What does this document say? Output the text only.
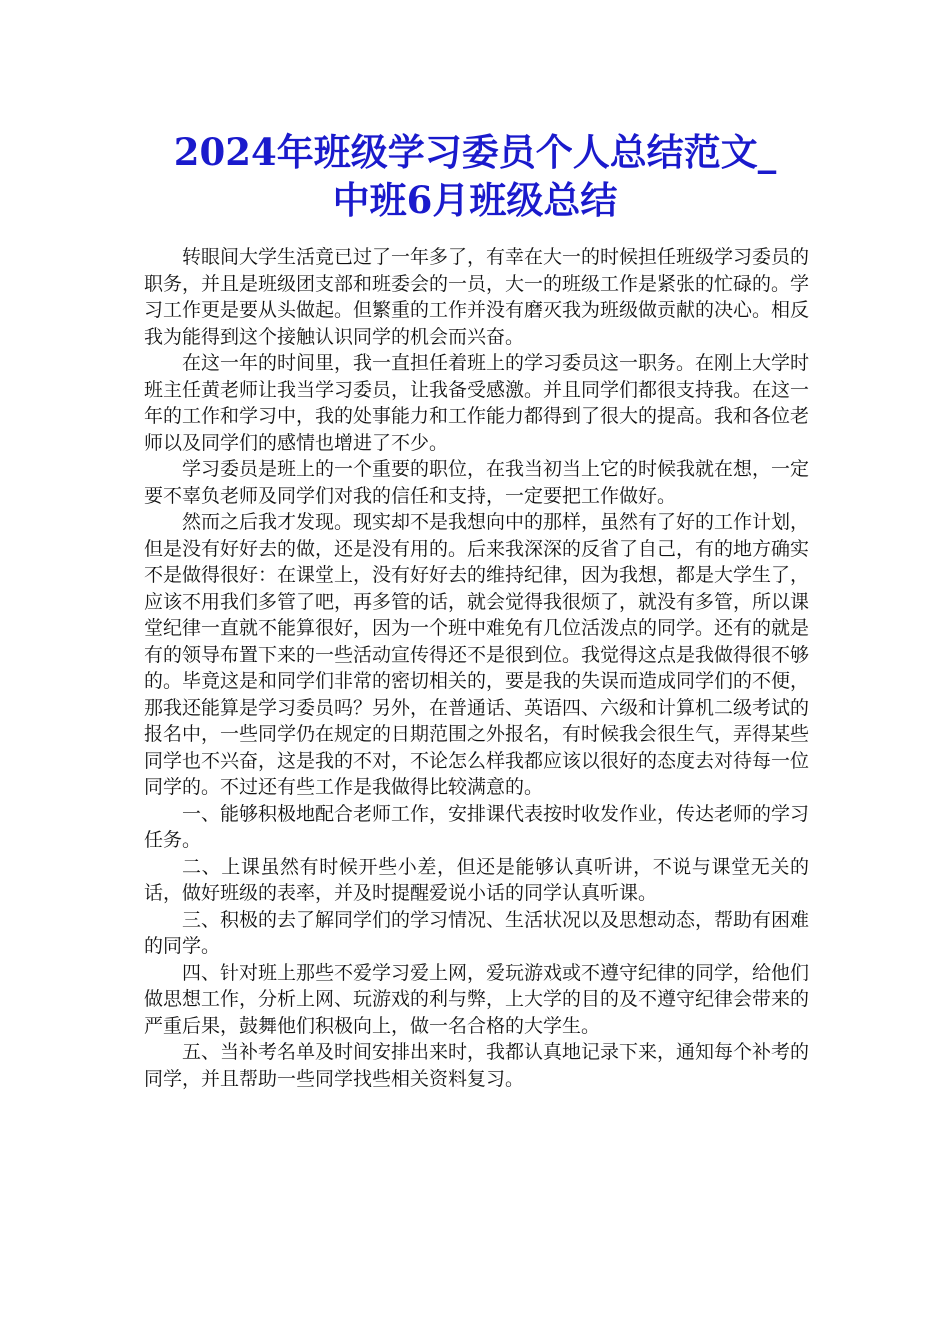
2024年班级学习委员个人总结范文_
中班6月班级总结

转眼间大学生活竟已过了一年多了，有幸在大一的时候担任班级学习委员的职务，并且是班级团支部和班委会的一员，大一的班级工作是紧张的忙碌的。学习工作更是要从头做起。但繁重的工作并没有磨灭我为班级做贡献的决心。相反我为能得到这个接触认识同学的机会而兴奋。

在这一年的时间里，我一直担任着班上的学习委员这一职务。在刚上大学时班主任黄老师让我当学习委员，让我备受感激。并且同学们都很支持我。在这一年的工作和学习中，我的处事能力和工作能力都得到了很大的提高。我和各位老师以及同学们的感情也增进了不少。

学习委员是班上的一个重要的职位，在我当初当上它的时候我就在想，一定要不辜负老师及同学们对我的信任和支持，一定要把工作做好。

然而之后我才发现。现实却不是我想向中的那样，虽然有了好的工作计划，但是没有好好去的做，还是没有用的。后来我深深的反省了自己，有的地方确实不是做得很好：在课堂上，没有好好去的维持纪律，因为我想，都是大学生了，应该不用我们多管了吧，再多管的话，就会觉得我很烦了，就没有多管，所以课堂纪律一直就不能算很好，因为一个班中难免有几位活泼点的同学。还有的就是有的领导布置下来的一些活动宣传得还不是很到位。我觉得这点是我做得很不够的。毕竟这是和同学们非常的密切相关的，要是我的失误而造成同学们的不便，那我还能算是学习委员吗？另外，在普通话、英语四、六级和计算机二级考试的报名中，一些同学仍在规定的日期范围之外报名，有时候我会很生气，弄得某些同学也不兴奋，这是我的不对，不论怎么样我都应该以很好的态度去对待每一位同学的。不过还有些工作是我做得比较满意的。

一、能够积极地配合老师工作，安排课代表按时收发作业，传达老师的学习任务。

二、上课虽然有时候开些小差，但还是能够认真听讲，不说与课堂无关的话，做好班级的表率，并及时提醒爱说小话的同学认真听课。

三、积极的去了解同学们的学习情况、生活状况以及思想动态，帮助有困难的同学。

四、针对班上那些不爱学习爱上网，爱玩游戏或不遵守纪律的同学，给他们做思想工作，分析上网、玩游戏的利与弊，上大学的目的及不遵守纪律会带来的严重后果，鼓舞他们积极向上，做一名合格的大学生。

五、当补考名单及时间安排出来时，我都认真地记录下来，通知每个补考的同学，并且帮助一些同学找些相关资料复习。
